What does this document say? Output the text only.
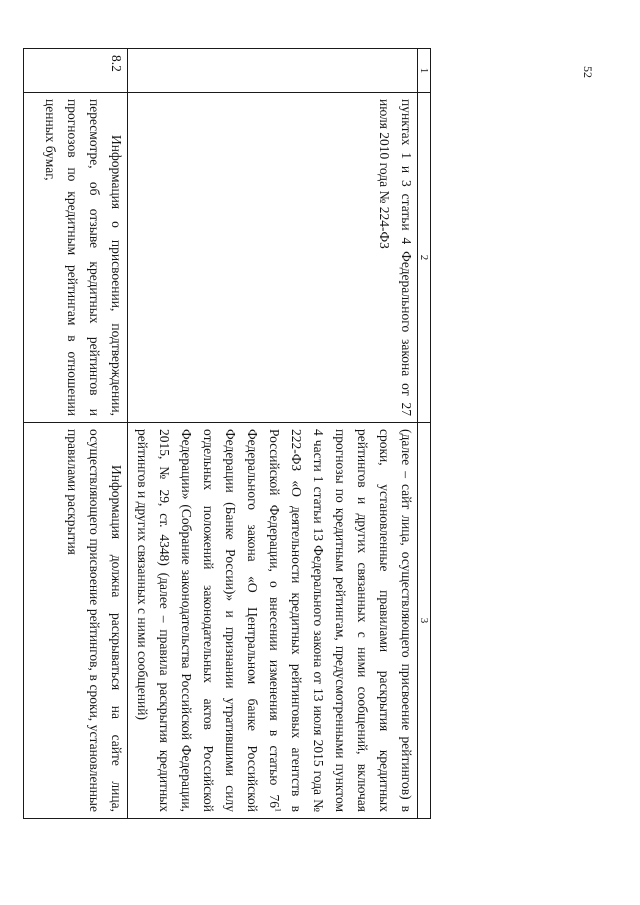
52
1	2	3
	пунктах 1 и 3 статьи 4 Федерального закона от 27 июля 2010 года № 224-ФЗ	(далее – сайт лица, осуществляющего присвоение рейтингов) в сроки, установленные правилами раскрытия кредитных рейтингов и других связанных с ними сообщений, включая прогнозы по кредитным рейтингам, предусмотренными пунктом 4 части 1 статьи 13 Федерального закона от 13 июля 2015 года № 222-ФЗ «О деятельности кредитных рейтинговых агентств в Российской Федерации, о внесении изменения в статью $76^1$ Федерального закона «О Центральном банке Российской Федерации (Банке России)» и признании утратившими силу отдельных положений законодательных актов Российской Федерации» (Собрание законодательства Российской Федерации, 2015, № 29, ст. 4348) (далее – правила раскрытия кредитных рейтингов и других связанных с ними сообщений)
8.2	Информация о присвоении, подтверждении, пересмотре, об отзыве кредитных рейтингов и прогнозов по кредитным рейтингам в отношении ценных бумаг,	Информация должна раскрываться на сайте лица, осуществляющего присвоение рейтингов, в сроки, установленные правилами раскрытия
